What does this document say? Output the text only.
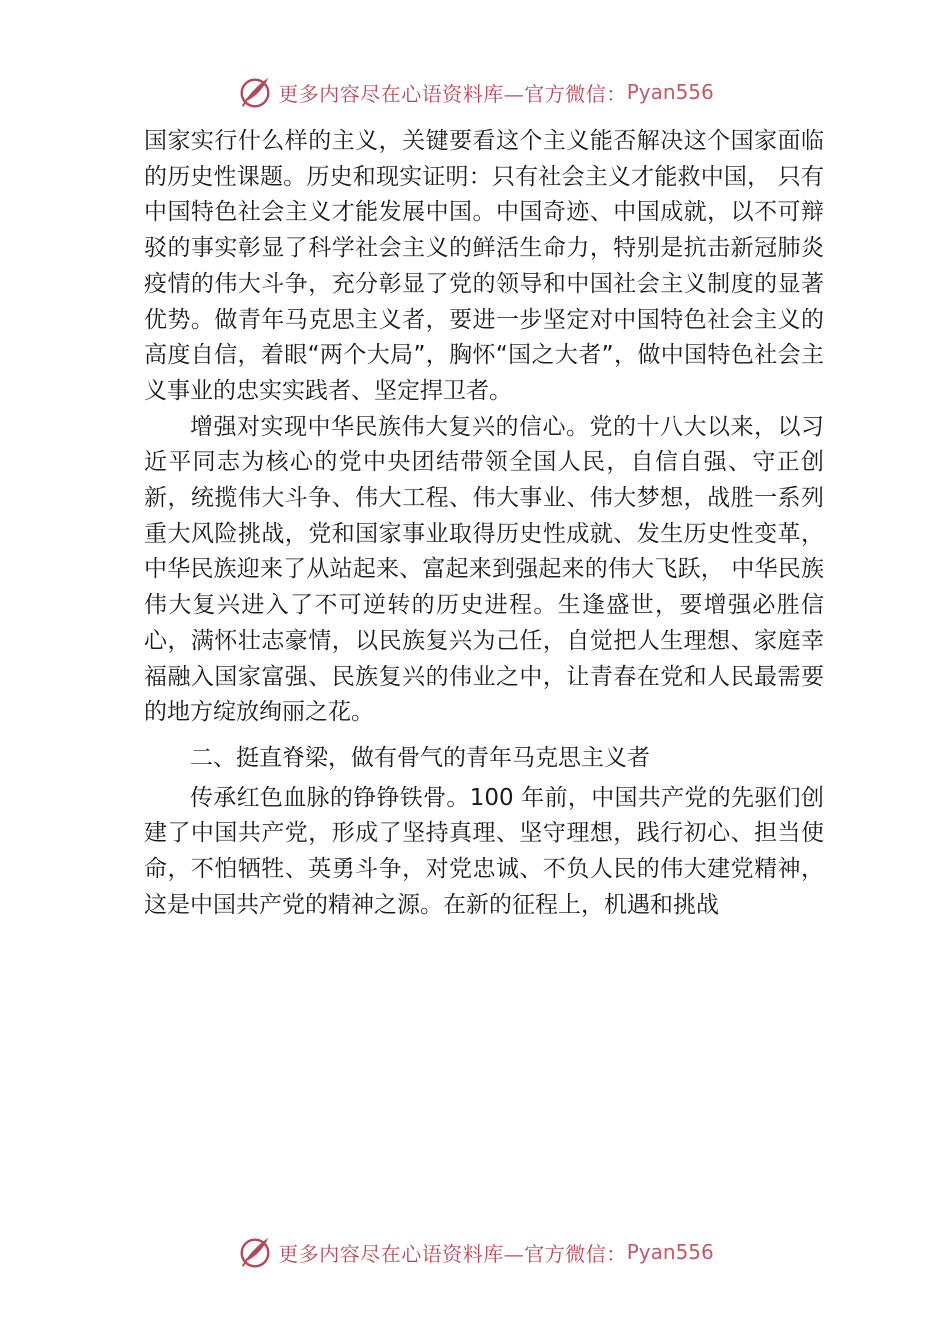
更多内容尽在心语资料库—官方微信： Pyan556

国家实行什么样的主义，关键要看这个主义能否解决这个国家面临的历史性课题。历史和现实证明：只有社会主义才能救中国， 只有中国特色社会主义才能发展中国。中国奇迹、中国成就，以不可辩驳的事实彰显了科学社会主义的鲜活生命力，特别是抗击新冠肺炎疫情的伟大斗争，充分彰显了党的领导和中国社会主义制度的显著优势。做青年马克思主义者，要进一步坚定对中国特色社会主义的高度自信，着眼“两个大局”，胸怀“国之大者”，做中国特色社会主义事业的忠实实践者、坚定捍卫者。

增强对实现中华民族伟大复兴的信心。党的十八大以来，以习近平同志为核心的党中央团结带领全国人民，自信自强、守正创新，统揽伟大斗争、伟大工程、伟大事业、伟大梦想，战胜一系列重大风险挑战，党和国家事业取得历史性成就、发生历史性变革，中华民族迎来了从站起来、富起来到强起来的伟大飞跃， 中华民族伟大复兴进入了不可逆转的历史进程。生逢盛世，要增强必胜信心，满怀壮志豪情，以民族复兴为己任，自觉把人生理想、家庭幸福融入国家富强、民族复兴的伟业之中，让青春在党和人民最需要的地方绽放绚丽之花。

二、挺直脊梁，做有骨气的青年马克思主义者

传承红色血脉的铮铮铁骨。100 年前，中国共产党的先驱们创建了中国共产党，形成了坚持真理、坚守理想，践行初心、担当使命，不怕牺牲、英勇斗争，对党忠诚、不负人民的伟大建党精神，这是中国共产党的精神之源。在新的征程上，机遇和挑战

更多内容尽在心语资料库—官方微信： Pyan556
